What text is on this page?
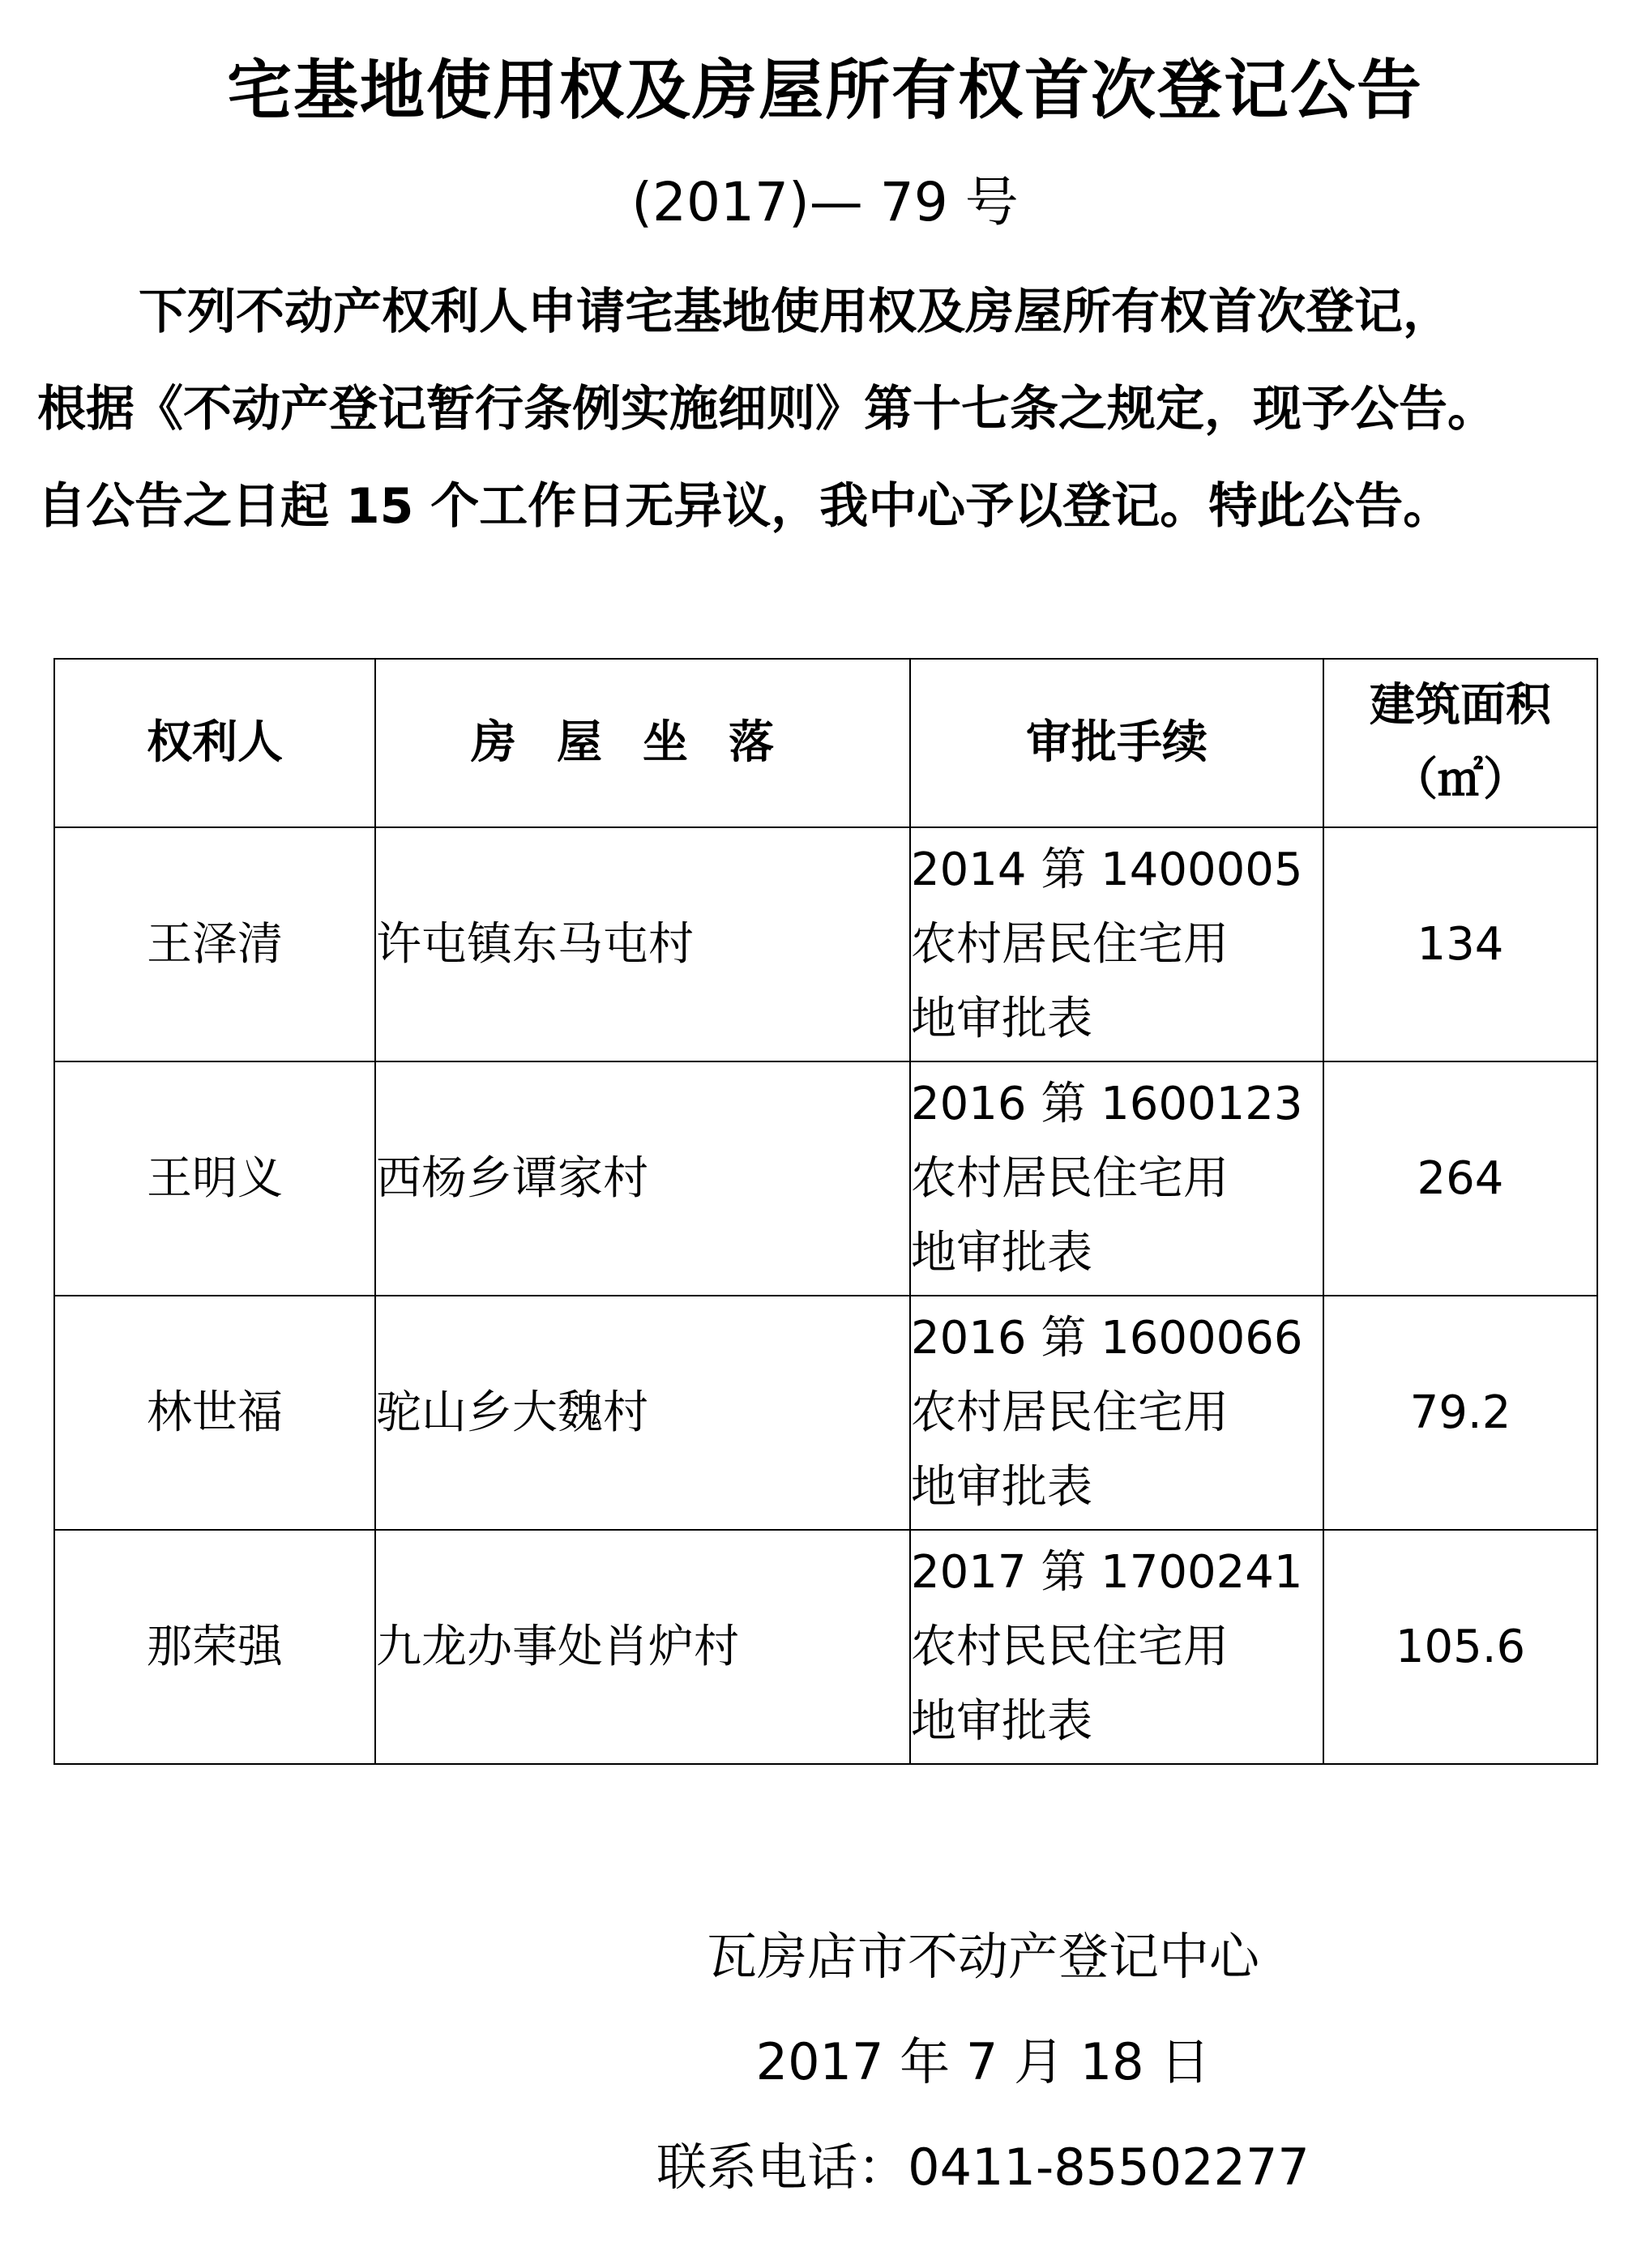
宅基地使用权及房屋所有权首次登记公告
(2017)— 79 号
下列不动产权利人申请宅基地使用权及房屋所有权首次登记，
根据《不动产登记暂行条例实施细则》第十七条之规定，现予公告。
自公告之日起 15 个工作日无异议，我中心予以登记。特此公告。
权利人	房屋坐落	审批手续	建筑面积
（㎡）

王泽清	许屯镇东马屯村	2014 第 1400005
农村居民住宅用
地审批表	134
王明义	西杨乡谭家村	2016 第 1600123
农村居民住宅用
地审批表	264
林世福	驼山乡大魏村	2016 第 1600066
农村居民住宅用
地审批表	79.2
那荣强	九龙办事处肖炉村	2017 第 1700241
农村民民住宅用
地审批表	105.6
瓦房店市不动产登记中心
2017 年 7 月 18 日
联系电话：0411-85502277
